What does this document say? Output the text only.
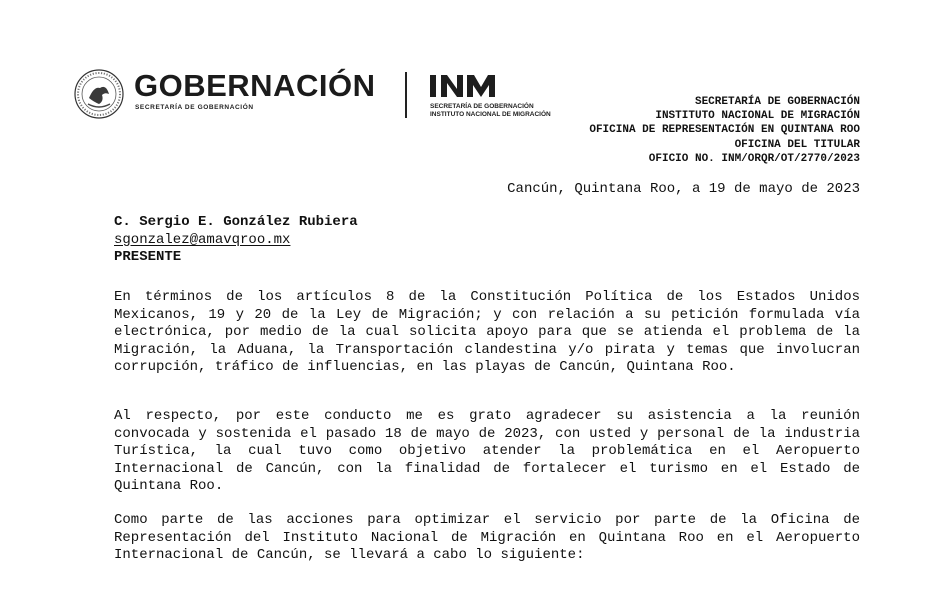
GOBERNACIÓN
SECRETARÍA DE GOBERNACIÓN
INM
SECRETARÍA DE GOBERNACIÓN
INSTITUTO NACIONAL DE MIGRACIÓN
SECRETARÍA DE GOBERNACIÓN
INSTITUTO NACIONAL DE MIGRACIÓN
OFICINA DE REPRESENTACIÓN EN QUINTANA ROO
OFICINA DEL TITULAR
OFICIO NO. INM/ORQR/OT/2770/2023
Cancún, Quintana Roo, a 19 de mayo de 2023
C. Sergio E. González Rubiera
sgonzalez@amavqroo.mx
PRESENTE

En términos de los artículos 8 de la Constitución Política de los Estados Unidos Mexicanos, 19 y 20 de la Ley de Migración; y con relación a su petición formulada vía electrónica, por medio de la cual solicita apoyo para que se atienda el problema de la Migración, la Aduana, la Transportación clandestina y/o pirata y temas que involucran corrupción, tráfico de influencias, en las playas de Cancún, Quintana Roo.

Al respecto, por este conducto me es grato agradecer su asistencia a la reunión convocada y sostenida el pasado 18 de mayo de 2023, con usted y personal de la industria Turística, la cual tuvo como objetivo atender la problemática en el Aeropuerto Internacional de Cancún, con la finalidad de fortalecer el turismo en el Estado de Quintana Roo.

Como parte de las acciones para optimizar el servicio por parte de la Oficina de Representación del Instituto Nacional de Migración en Quintana Roo en el Aeropuerto Internacional de Cancún, se llevará a cabo lo siguiente:
